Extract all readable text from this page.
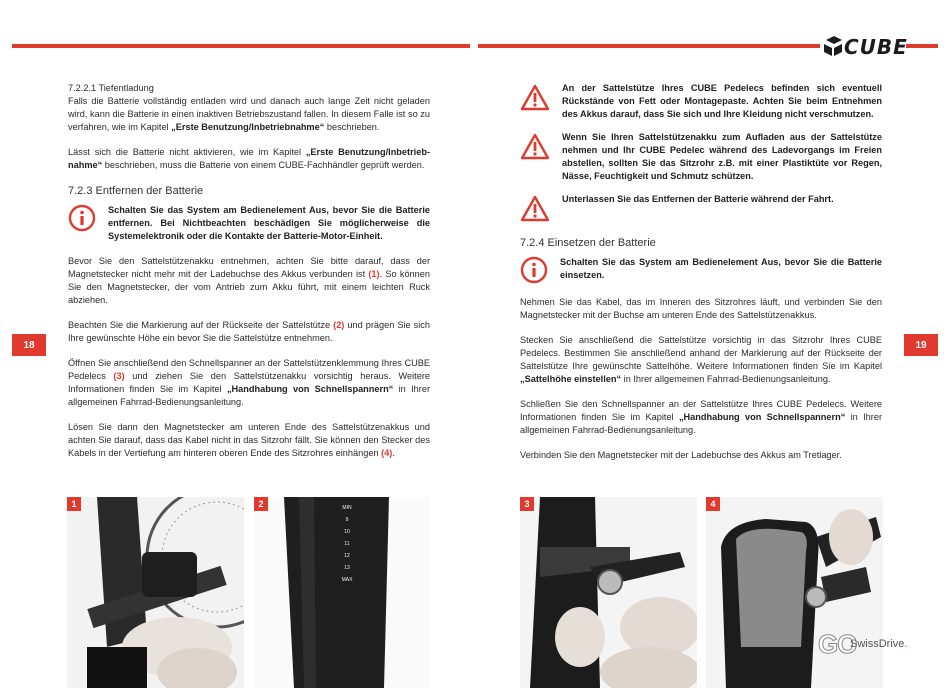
CUBE
18	19
7.2.2.1 Tiefentladung

Falls die Batterie vollständig entladen wird und danach auch lange Zeit nicht geladen wird, kann die Batterie in einen inaktiven Betriebszustand fallen. In diesem Falle ist so zu verfahren, wie im Kapitel „Erste Benutzung/Inbetriebnahme“ beschrieben.

Lässt sich die Batterie nicht aktivieren, wie im Kapitel „Erste Benutzung/Inbetriebnahme“ beschrieben, muss die Batterie von einem CUBE-Fachhändler geprüft werden.

7.2.3 Entfernen der Batterie
Schalten Sie das System am Bedienelement Aus, bevor Sie die Batterie entfernen. Bei Nichtbeachten beschädigen Sie möglicherweise die Systemelektronik oder die Kontakte der Batterie-Motor-Einheit.

Bevor Sie den Sattelstützenakku entnehmen, achten Sie bitte darauf, dass der Magnetstecker nicht mehr mit der Ladebuchse des Akkus verbunden ist (1). So können Sie den Magnetstecker, der vom Antrieb zum Akku führt, mit einem leichten Ruck abziehen.

Beachten Sie die Markierung auf der Rückseite der Sattelstütze (2) und prägen Sie sich Ihre gewünschte Höhe ein bevor Sie die Sattelstütze entnehmen.

Öffnen Sie anschließend den Schnellspanner an der Sattelstützenklemmung Ihres CUBE Pedelecs (3) und ziehen Sie den Sattelstützenakku vorsichtig heraus. Weitere Informationen finden Sie im Kapitel „Handhabung von Schnellspannern“ in Ihrer allgemeinen Fahrrad-Bedienungsanleitung.

Lösen Sie dann den Magnetstecker am unteren Ende des Sattelstützenakkus und achten Sie darauf, dass das Kabel nicht in das Sitzrohr fällt. Sie können den Stecker des Kabels in der Vertiefung am hinteren oberen Ende des Sitzrohres einhängen (4).

An der Sattelstütze Ihres CUBE Pedelecs befinden sich eventuell Rückstände von Fett oder Montagepaste. Achten Sie beim Entnehmen des Akkus darauf, dass Sie sich und Ihre Kleidung nicht verschmutzen.
Wenn Sie Ihren Sattelstützenakku zum Aufladen aus der Sattelstütze nehmen und Ihr CUBE Pedelec während des Ladevorgangs im Freien abstellen, sollten Sie das Sitzrohr z.B. mit einer Plastiktüte vor Regen, Nässe, Feuchtigkeit und Schmutz schützen.
Unterlassen Sie das Entfernen der Batterie während der Fahrt.
7.2.4 Einsetzen der Batterie
Schalten Sie das System am Bedienelement Aus, bevor Sie die Batterie einsetzen.

Nehmen Sie das Kabel, das im Inneren des Sitzrohres läuft, und verbinden Sie den Magnetstecker mit der Buchse am unteren Ende des Sattelstützenakkus.

Stecken Sie anschließend die Sattelstütze vorsichtig in das Sitzrohr Ihres CUBE Pedelecs. Bestimmen Sie anschließend anhand der Markierung auf der Rückseite der Sattelstütze Ihre gewünschte Sattelhöhe. Weitere Informationen finden Sie im Kapitel „Sattelhöhe einstellen“ in Ihrer allgemeinen Fahrrad-Bedienungsanleitung.

Schließen Sie den Schnellspanner an der Sattelstütze Ihres CUBE Pedelecs. Weitere Informationen finden Sie im Kapitel „Handhabung von Schnellspannern“ in Ihrer allgemeinen Fahrrad-Bedienungsanleitung.

Verbinden Sie den Magnetstecker mit der Ladebuchse des Akkus am Tretlager.

1	2	MIN
9
10
11
12
13
MAX
3	4
GO
SwissDrive.
